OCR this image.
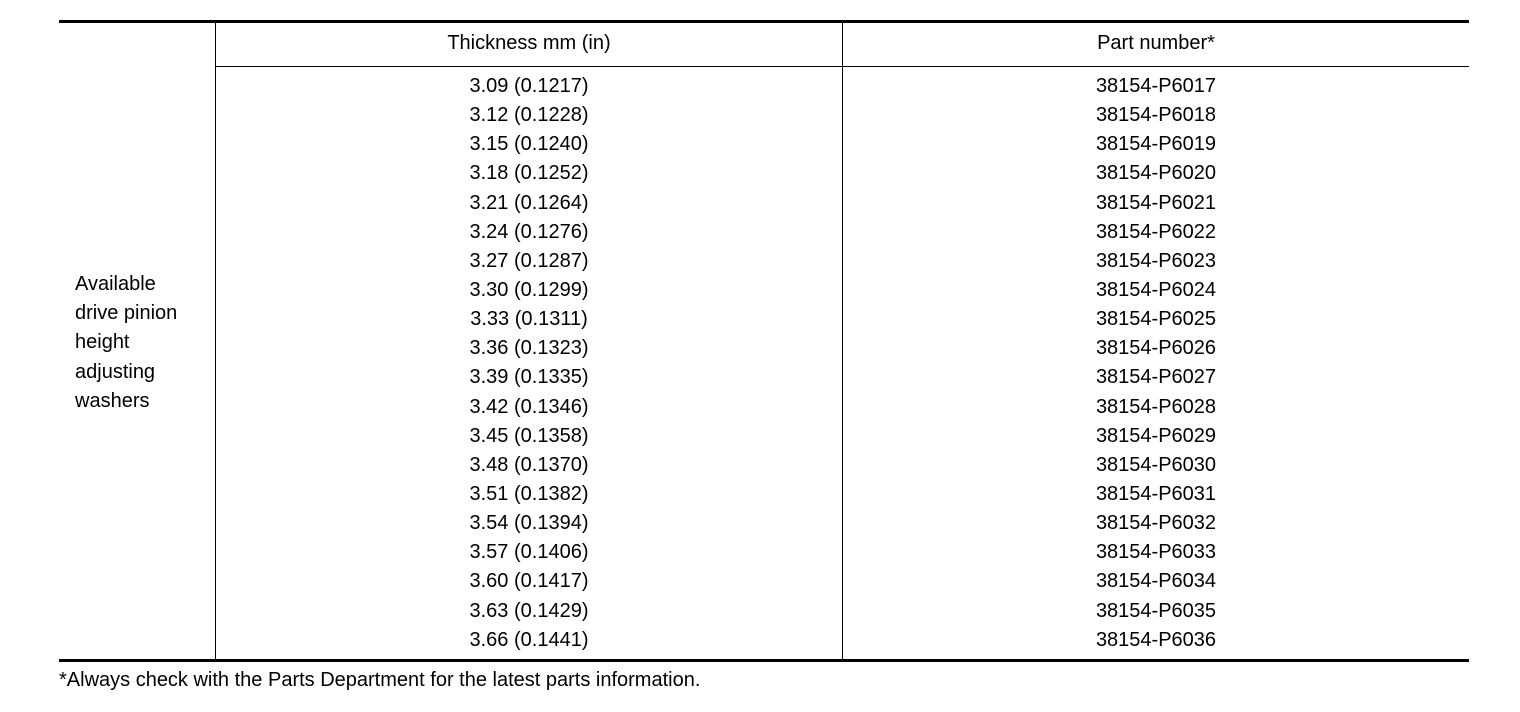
Available
drive pinion
height
adjusting
washers
Thickness mm (in)	Part number*
3.09 (0.1217)	38154-P6017
3.12 (0.1228)	38154-P6018
3.15 (0.1240)	38154-P6019
3.18 (0.1252)	38154-P6020
3.21 (0.1264)	38154-P6021
3.24 (0.1276)	38154-P6022
3.27 (0.1287)	38154-P6023
3.30 (0.1299)	38154-P6024
3.33 (0.1311)	38154-P6025
3.36 (0.1323)	38154-P6026
3.39 (0.1335)	38154-P6027
3.42 (0.1346)	38154-P6028
3.45 (0.1358)	38154-P6029
3.48 (0.1370)	38154-P6030
3.51 (0.1382)	38154-P6031
3.54 (0.1394)	38154-P6032
3.57 (0.1406)	38154-P6033
3.60 (0.1417)	38154-P6034
3.63 (0.1429)	38154-P6035
3.66 (0.1441)	38154-P6036
*Always check with the Parts Department for the latest parts information.
